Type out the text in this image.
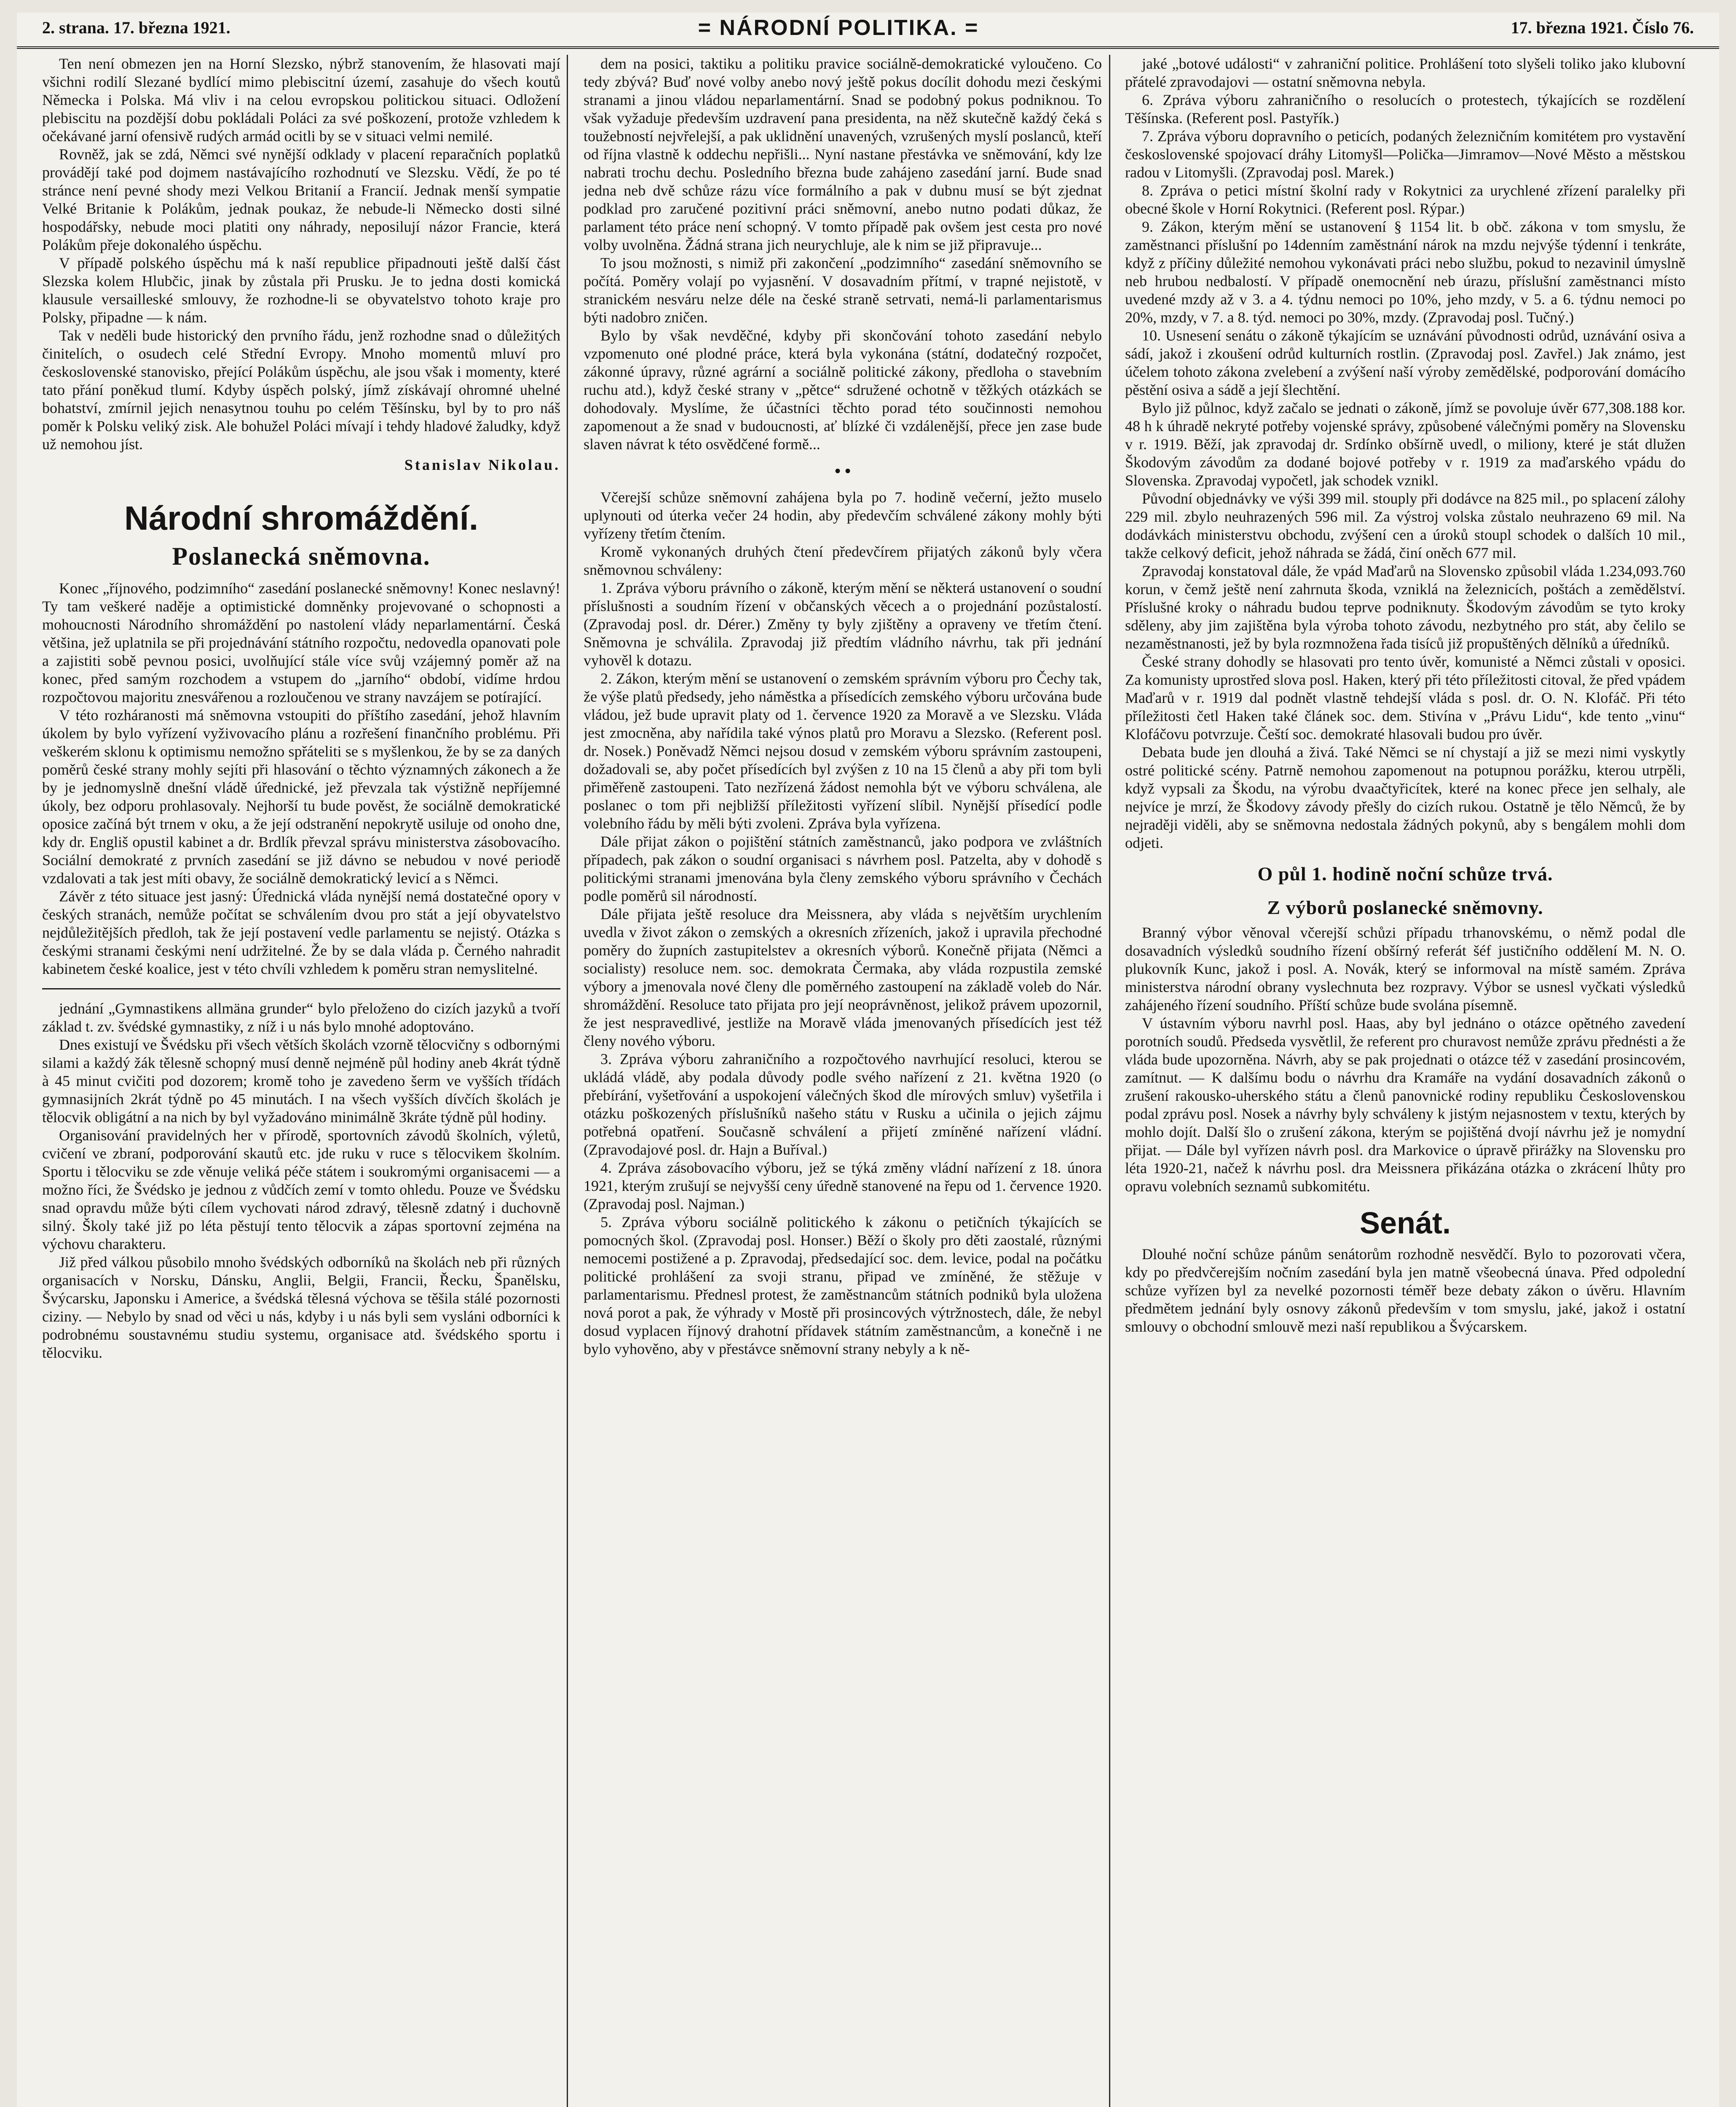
2. strana. 17. března 1921.	= NÁRODNÍ POLITIKA. =	17. března 1921. Číslo 76.

Ten není obmezen jen na Horní Slezsko, nýbrž stanovením, že hlasovati mají všichni rodilí Slezané bydlící mimo plebiscitní území, zasahuje do všech koutů Německa i Polska. Má vliv i na celou evropskou politickou situaci. Odložení plebiscitu na pozdější dobu pokládali Poláci za své poškození, protože vzhledem k očekávané jarní ofensivě rudých armád ocitli by se v situaci velmi nemilé.

Rovněž, jak se zdá, Němci své nynější odklady v placení reparačních poplatků provádějí také pod dojmem nastávajícího rozhodnutí ve Slezsku. Vědí, že po té stránce není pevné shody mezi Velkou Britanií a Francií. Jednak menší sympatie Velké Britanie k Polákům, jednak poukaz, že nebude-li Německo dosti silné hospodářsky, nebude moci platiti ony náhrady, neposilují názor Francie, která Polákům přeje dokonalého úspěchu.

V případě polského úspěchu má k naší republice připadnouti ještě další část Slezska kolem Hlubčic, jinak by zůstala při Prusku. Je to jedna dosti komická klausule versailleské smlouvy, že rozhodne-li se obyvatelstvo tohoto kraje pro Polsky, připadne — k nám.

Tak v neděli bude historický den prvního řádu, jenž rozhodne snad o důležitých činitelích, o osudech celé Střední Evropy. Mnoho momentů mluví pro československé stanovisko, přející Polákům úspěchu, ale jsou však i momenty, které tato přání poněkud tlumí. Kdyby úspěch polský, jímž získávají ohromné uhelné bohatství, zmírnil jejich nenasytnou touhu po celém Těšínsku, byl by to pro náš poměr k Polsku veliký zisk. Ale bohužel Poláci mívají i tehdy hladové žaludky, když už nemohou jíst.

Stanislav Nikolau.
Národní shromáždění.
Poslanecká sněmovna.

Konec „říjnového, podzimního“ zasedání poslanecké sněmovny! Konec neslavný! Ty tam veškeré naděje a optimistické domněnky projevované o schopnosti a mohoucnosti Národního shromáždění po nastolení vlády neparlamentární. Česká většina, jež uplatnila se při projednávání státního rozpočtu, nedovedla opanovati pole a zajistiti sobě pevnou posici, uvolňující stále více svůj vzájemný poměr až na konec, před samým rozchodem a vstupem do „jarního“ období, vidíme hrdou rozpočtovou majoritu znesvářenou a rozloučenou ve strany navzájem se potírající.

V této rozháranosti má sněmovna vstoupiti do příštího zasedání, jehož hlavním úkolem by bylo vyřízení vyživovacího plánu a rozřešení finančního problému. Při veškerém sklonu k optimismu nemožno spřáteliti se s myšlenkou, že by se za daných poměrů české strany mohly sejíti při hlasování o těchto významných zákonech a že by je jednomyslně dnešní vládě úřednické, jež převzala tak výstižně nepříjemné úkoly, bez odporu prohlasovaly. Nejhorší tu bude pověst, že sociálně demokratické oposice začíná být trnem v oku, a že její odstranění nepokrytě usiluje od onoho dne, kdy dr. Engliš opustil kabinet a dr. Brdlík převzal správu ministerstva zásobovacího. Sociální demokraté z prvních zasedání se již dávno se nebudou v nové periodě vzdalovati a tak jest míti obavy, že sociálně demokratický levicí a s Němci.

Závěr z této situace jest jasný: Úřednická vláda nynější nemá dostatečné opory v českých stranách, nemůže počítat se schválením dvou pro stát a její obyvatelstvo nejdůležitějších předloh, tak že její postavení vedle parlamentu se nejistý. Otázka s českými stranami českými není udržitelné. Že by se dala vláda p. Černého nahradit kabinetem české koalice, jest v této chvíli vzhledem k poměru stran nemyslitelné.

jednání „Gymnastikens allmäna grunder“ bylo přeloženo do cizích jazyků a tvoří základ t. zv. švédské gymnastiky, z níž i u nás bylo mnohé adoptováno.

Dnes existují ve Švédsku při všech větších školách vzorně tělocvičny s odbornými silami a každý žák tělesně schopný musí denně nejméně půl hodiny aneb 4krát týdně à 45 minut cvičiti pod dozorem; kromě toho je zavedeno šerm ve vyšších třídách gymnasijních 2krát týdně po 45 minutách. I na všech vyšších dívčích školách je tělocvik obligátní a na nich by byl vyžadováno minimálně 3kráte týdně půl hodiny.

Organisování pravidelných her v přírodě, sportovních závodů školních, výletů, cvičení ve zbraní, podporování skautů etc. jde ruku v ruce s tělocvikem školním. Sportu i tělocviku se zde věnuje veliká péče státem i soukromými organisacemi — a možno říci, že Švédsko je jednou z vůdčích zemí v tomto ohledu. Pouze ve Švédsku snad opravdu může býti cílem vychovati národ zdravý, tělesně zdatný i duchovně silný. Školy také již po léta pěstují tento tělocvik a zápas sportovní zejména na výchovu charakteru.

Již před válkou působilo mnoho švédských odborníků na školách neb při různých organisacích v Norsku, Dánsku, Anglii, Belgii, Francii, Řecku, Španělsku, Švýcarsku, Japonsku i Americe, a švédská tělesná výchova se těšila stálé pozornosti ciziny. — Nebylo by snad od věci u nás, kdyby i u nás byli sem vysláni odborníci k podrobnému soustavnému studiu systemu, organisace atd. švédského sportu i tělocviku.

dem na posici, taktiku a politiku pravice sociálně-demokratické vyloučeno. Co tedy zbývá? Buď nové volby anebo nový ještě pokus docílit dohodu mezi českými stranami a jinou vládou neparlamentární. Snad se podobný pokus podniknou. To však vyžaduje především uzdravení pana presidenta, na něž skutečně každý čeká s toužebností nejvřelejší, a pak uklidnění unavených, vzrušených myslí poslanců, kteří od října vlastně k oddechu nepřišli... Nyní nastane přestávka ve sněmování, kdy lze nabrati trochu dechu. Posledního března bude zahájeno zasedání jarní. Bude snad jedna neb dvě schůze rázu více formálního a pak v dubnu musí se být zjednat podklad pro zaručené pozitivní práci sněmovní, anebo nutno podati důkaz, že parlament této práce není schopný. V tomto případě pak ovšem jest cesta pro nové volby uvolněna. Žádná strana jich neurychluje, ale k nim se již připravuje...

To jsou možnosti, s nimiž při zakončení „podzimního“ zasedání sněmovního se počítá. Poměry volají po vyjasnění. V dosavadním přítmí, v trapné nejistotě, v stranickém nesváru nelze déle na české straně setrvati, nemá-li parlamentarismus býti nadobro zničen.

Bylo by však nevděčné, kdyby při skončování tohoto zasedání nebylo vzpomenuto oné plodné práce, která byla vykonána (státní, dodatečný rozpočet, zákonné úpravy, různé agrární a sociálně politické zákony, předloha o stavebním ruchu atd.), když české strany v „pětce“ sdružené ochotně v těžkých otázkách se dohodovaly. Myslíme, že účastníci těchto porad této součinnosti nemohou zapomenout a že snad v budoucnosti, ať blízké či vzdálenější, přece jen zase bude slaven návrat k této osvědčené formě...

• •

Včerejší schůze sněmovní zahájena byla po 7. hodině večerní, ježto muselo uplynouti od úterka večer 24 hodin, aby předevčím schválené zákony mohly býti vyřízeny třetím čtením.

Kromě vykonaných druhých čtení předevčírem přijatých zákonů byly včera sněmovnou schváleny:

1. Zpráva výboru právního o zákoně, kterým mění se některá ustanovení o soudní příslušnosti a soudním řízení v občanských věcech a o projednání pozůstalostí. (Zpravodaj posl. dr. Dérer.) Změny ty byly zjištěny a opraveny ve třetím čtení. Sněmovna je schválila. Zpravodaj již předtím vládního návrhu, tak při jednání vyhověl k dotazu.

2. Zákon, kterým mění se ustanovení o zemském správním výboru pro Čechy tak, že výše platů předsedy, jeho náměstka a přísedících zemského výboru určována bude vládou, jež bude upravit platy od 1. července 1920 za Moravě a ve Slezsku. Vláda jest zmocněna, aby nařídila také výnos platů pro Moravu a Slezsko. (Referent posl. dr. Nosek.) Poněvadž Němci nejsou dosud v zemském výboru správním zastoupeni, dožadovali se, aby počet přísedících byl zvýšen z 10 na 15 členů a aby při tom byli přiměřeně zastoupeni. Tato nezřízená žádost nemohla být ve výboru schválena, ale poslanec o tom při nejbližší příležitosti vyřízení slíbil. Nynější přísedící podle volebního řádu by měli býti zvoleni. Zpráva byla vyřízena.

Dále přijat zákon o pojištění státních zaměstnanců, jako podpora ve zvláštních případech, pak zákon o soudní organisaci s návrhem posl. Patzelta, aby v dohodě s politickými stranami jmenována byla členy zemského výboru správního v Čechách podle poměrů sil národností.

Dále přijata ještě resoluce dra Meissnera, aby vláda s největším urychlením uvedla v život zákon o zemských a okresních zřízeních, jakož i upravila přechodné poměry do župních zastupitelstev a okresních výborů. Konečně přijata (Němci a socialisty) resoluce nem. soc. demokrata Čermaka, aby vláda rozpustila zemské výbory a jmenovala nové členy dle poměrného zastoupení na základě voleb do Nár. shromáždění. Resoluce tato přijata pro její neoprávněnost, jelikož právem upozornil, že jest nespravedlivé, jestliže na Moravě vláda jmenovaných přísedících jest též členy nového výboru.

3. Zpráva výboru zahraničního a rozpočtového navrhující resoluci, kterou se ukládá vládě, aby podala důvody podle svého nařízení z 21. května 1920 (o přebírání, vyšetřování a uspokojení válečných škod dle mírových smluv) vyšetřila i otázku poškozených příslušníků našeho státu v Rusku a učinila o jejich zájmu potřebná opatření. Současně schválení a přijetí zmíněné nařízení vládní. (Zpravodajové posl. dr. Hajn a Buříval.)

4. Zpráva zásobovacího výboru, jež se týká změny vládní nařízení z 18. února 1921, kterým zrušují se nejvyšší ceny úředně stanovené na řepu od 1. července 1920. (Zpravodaj posl. Najman.)

5. Zpráva výboru sociálně politického k zákonu o petičních týkajících se pomocných škol. (Zpravodaj posl. Honser.) Běží o školy pro děti zaostalé, různými nemocemi postižené a p. Zpravodaj, předsedající soc. dem. levice, podal na počátku politické prohlášení za svoji stranu, připad ve zmíněné, že stěžuje v parlamentarismu. Přednesl protest, že zaměstnancům státních podniků byla uložena nová porot a pak, že výhrady v Mostě při prosincových výtržnostech, dále, že nebyl dosud vyplacen říjnový drahotní přídavek státním zaměstnancům, a konečně i ne bylo vyhověno, aby v přestávce sněmovní strany nebyly a k ně-

jaké „botové události“ v zahraniční politice. Prohlášení toto slyšeli toliko jako klubovní přátelé zpravodajovi — ostatní sněmovna nebyla.

6. Zpráva výboru zahraničního o resolucích o protestech, týkajících se rozdělení Těšínska. (Referent posl. Pastyřík.)

7. Zpráva výboru dopravního o peticích, podaných železničním komitétem pro vystavění československé spojovací dráhy Litomyšl—Polička—Jimramov—Nové Město a městskou radou v Litomyšli. (Zpravodaj posl. Marek.)

8. Zpráva o petici místní školní rady v Rokytnici za urychlené zřízení paralelky při obecné škole v Horní Rokytnici. (Referent posl. Rýpar.)

9. Zákon, kterým mění se ustanovení § 1154 lit. b obč. zákona v tom smyslu, že zaměstnanci příslušní po 14denním zaměstnání nárok na mzdu nejvýše týdenní i tenkráte, když z příčiny důležité nemohou vykonávati práci nebo službu, pokud to nezavinil úmyslně neb hrubou nedbalostí. V případě onemocnění neb úrazu, příslušní zaměstnanci místo uvedené mzdy až v 3. a 4. týdnu nemoci po 10%, jeho mzdy, v 5. a 6. týdnu nemoci po 20%, mzdy, v 7. a 8. týd. nemoci po 30%, mzdy. (Zpravodaj posl. Tučný.)

10. Usnesení senátu o zákoně týkajícím se uznávání původnosti odrůd, uznávání osiva a sádí, jakož i zkoušení odrůd kulturních rostlin. (Zpravodaj posl. Zavřel.) Jak známo, jest účelem tohoto zákona zvelebení a zvýšení naší výroby zemědělské, podporování domácího pěstění osiva a sádě a její šlechtění.

Bylo již půlnoc, když začalo se jednati o zákoně, jímž se povoluje úvěr 677,308.188 kor. 48 h k úhradě nekryté potřeby vojenské správy, způsobené válečnými poměry na Slovensku v r. 1919. Běží, jak zpravodaj dr. Srdínko obšírně uvedl, o miliony, které je stát dlužen Škodovým závodům za dodané bojové potřeby v r. 1919 za maďarského vpádu do Slovenska. Zpravodaj vypočetl, jak schodek vznikl.

Původní objednávky ve výši 399 mil. stouply při dodávce na 825 mil., po splacení zálohy 229 mil. zbylo neuhrazených 596 mil. Za výstroj volska zůstalo neuhrazeno 69 mil. Na dodávkách ministerstvu obchodu, zvýšení cen a úroků stoupl schodek o dalších 10 mil., takže celkový deficit, jehož náhrada se žádá, činí oněch 677 mil.

Zpravodaj konstatoval dále, že vpád Maďarů na Slovensko způsobil vláda 1.234,093.760 korun, v čemž ještě není zahrnuta škoda, vzniklá na železnicích, poštách a zemědělství. Příslušné kroky o náhradu budou teprve podniknuty. Škodovým závodům se tyto kroky sděleny, aby jim zajištěna byla výroba tohoto závodu, nezbytného pro stát, aby čelilo se nezaměstnanosti, jež by byla rozmnožena řada tisíců již propuštěných dělníků a úředníků.

České strany dohodly se hlasovati pro tento úvěr, komunisté a Němci zůstali v oposici. Za komunisty uprostřed slova posl. Haken, který při této příležitosti citoval, že před vpádem Maďarů v r. 1919 dal podnět vlastně tehdejší vláda s posl. dr. O. N. Klofáč. Při této příležitosti četl Haken také článek soc. dem. Stivína v „Právu Lidu“, kde tento „vinu“ Klofáčovu potvrzuje. Čeští soc. demokraté hlasovali budou pro úvěr.

Debata bude jen dlouhá a živá. Také Němci se ní chystají a již se mezi nimi vyskytly ostré politické scény. Patrně nemohou zapomenout na potupnou porážku, kterou utrpěli, když vypsali za Škodu, na výrobu dvaačtyřicítek, které na konec přece jen selhaly, ale nejvíce je mrzí, že Škodovy závody přešly do cizích rukou. Ostatně je tělo Němců, že by nejraději viděli, aby se sněmovna nedostala žádných pokynů, aby s bengálem mohli dom odjeti.

O půl 1. hodině noční schůze trvá.
Z výborů poslanecké sněmovny.

Branný výbor věnoval včerejší schůzi případu trhanovskému, o němž podal dle dosavadních výsledků soudního řízení obšírný referát šéf justičního oddělení M. N. O. plukovník Kunc, jakož i posl. A. Novák, který se informoval na místě samém. Zpráva ministerstva národní obrany vyslechnuta bez rozpravy. Výbor se usnesl vyčkati výsledků zahájeného řízení soudního. Příští schůze bude svolána písemně.

V ústavním výboru navrhl posl. Haas, aby byl jednáno o otázce opětného zavedení porotních soudů. Předseda vysvětlil, že referent pro churavost nemůže zprávu přednésti a že vláda bude upozorněna. Návrh, aby se pak projednati o otázce též v zasedání prosincovém, zamítnut. — K dalšímu bodu o návrhu dra Kramáře na vydání dosavadních zákonů o zrušení rakousko-uherského státu a členů panovnické rodiny republiku Československou podal zprávu posl. Nosek a návrhy byly schváleny k jistým nejasnostem v textu, kterých by mohlo dojít. Další šlo o zrušení zákona, kterým se pojištěná dvojí návrhu jež je nomydní přijat. — Dále byl vyřízen návrh posl. dra Markovice o úpravě přirážky na Slovensku pro léta 1920-21, načež k návrhu posl. dra Meissnera přikázána otázka o zkrácení lhůty pro opravu volebních seznamů subkomitétu.

Senát.

Dlouhé noční schůze pánům senátorům rozhodně nesvědčí. Bylo to pozorovati včera, kdy po předvčerejším nočním zasedání byla jen matně všeobecná únava. Před odpolední schůze vyřízen byl za nevelké pozornosti téměř beze debaty zákon o úvěru. Hlavním předmětem jednání byly osnovy zákonů především v tom smyslu, jaké, jakož i ostatní smlouvy o obchodní smlouvě mezi naší republikou a Švýcarskem.
